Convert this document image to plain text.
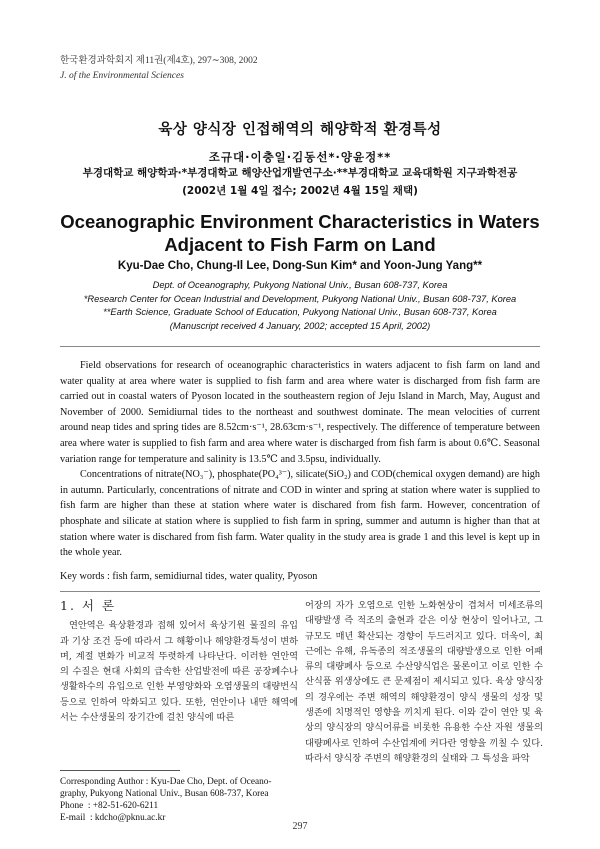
한국환경과학회지 제11권(제4호), 297∼308, 2002
J. of the Environmental Sciences
육상 양식장 인접해역의 해양학적 환경특성
조규대·이충일·김동선*·양윤정**
부경대학교 해양학과·*부경대학교 해양산업개발연구소·**부경대학교 교육대학원 지구과학전공
(2002년 1월 4일 접수; 2002년 4월 15일 채택)
Oceanographic Environment Characteristics in Waters
Adjacent to Fish Farm on Land
Kyu-Dae Cho, Chung-Il Lee, Dong-Sun Kim* and Yoon-Jung Yang**
Dept. of Oceanography, Pukyong National Univ., Busan 608-737, Korea
*Research Center for Ocean Industrial and Development, Pukyong National Univ., Busan 608-737, Korea
**Earth Science, Graduate School of Education, Pukyong National Univ., Busan 608-737, Korea
(Manuscript received 4 January, 2002; accepted 15 April, 2002)

Field observations for research of oceanographic characteristics in waters adjacent to fish farm on land and water quality at area where water is supplied to fish farm and area where water is discharged from fish farm are carried out in coastal waters of Pyoson located in the southeastern region of Jeju Island in March, May, August and November of 2000. Semidiurnal tides to the northeast and southwest dominate. The mean velocities of current around neap tides and spring tides are 8.52cm·s⁻¹, 28.63cm·s⁻¹, respectively. The difference of temperature between area where water is supplied to fish farm and area where water is discharged from fish farm is about 0.6℃. Seasonal variation range for temperature and salinity is 13.5℃ and 3.5psu, individually.

Concentrations of nitrate(NO₃⁻), phosphate(PO₄³⁻), silicate(SiO₂) and COD(chemical oxygen demand) are high in autumn. Particularly, concentrations of nitrate and COD in winter and spring at station where water is supplied to fish farm are higher than these at station where water is dischared from fish farm. However, concentration of phosphate and silicate at station where is supplied to fish farm in spring, summer and autumn is higher than that at station where water is dischared from fish farm. Water quality in the study area is grade 1 and this level is kept up in the whole year.

Key words : fish farm, semidiurnal tides, water quality, Pyoson
1. 서 론

연안역은 육상환경과 접해 있어서 육상기원 물질의 유입과 기상 조건 등에 따라서 그 해황이나 해양환경특성이 변하며, 계절 변화가 비교적 뚜렷하게 나타난다. 이러한 연안역의 수질은 현대 사회의 급속한 산업발전에 따른 공장폐수나 생활하수의 유입으로 인한 부영양화와 오염생물의 대량번식 등으로 인하여 악화되고 있다. 또한, 연안이나 내만 해역에서는 수산생물의 장기간에 걸친 양식에 따른

어장의 자가 오염으로 인한 노화현상이 겹쳐서 미세조류의 대량발생 즉 적조의 출현과 같은 이상 현상이 일어나고, 그 규모도 매년 확산되는 경향이 두드러지고 있다. 더욱이, 최근에는 유해, 유독종의 적조생물의 대량발생으로 인한 어패류의 대량폐사 등으로 수산양식업은 물론이고 이로 인한 수산식품 위생상에도 큰 문제점이 제시되고 있다. 육상 양식장의 경우에는 주변 해역의 해양환경이 양식 생물의 성장 및 생존에 치명적인 영향을 끼치게 된다. 이와 같이 연안 및 육상의 양식장의 양식어류를 비롯한 유용한 수산 자원 생물의 대량폐사로 인하여 수산업계에 커다란 영향을 끼칠 수 있다. 따라서 양식장 주변의 해양환경의 실태와 그 특성을 파악

Corresponding Author : Kyu-Dae Cho, Dept. of Oceano-
graphy, Pukyong National Univ., Busan 608-737, Korea
Phone  : +82-51-620-6211
E-mail  : kdcho@pknu.ac.kr
297
